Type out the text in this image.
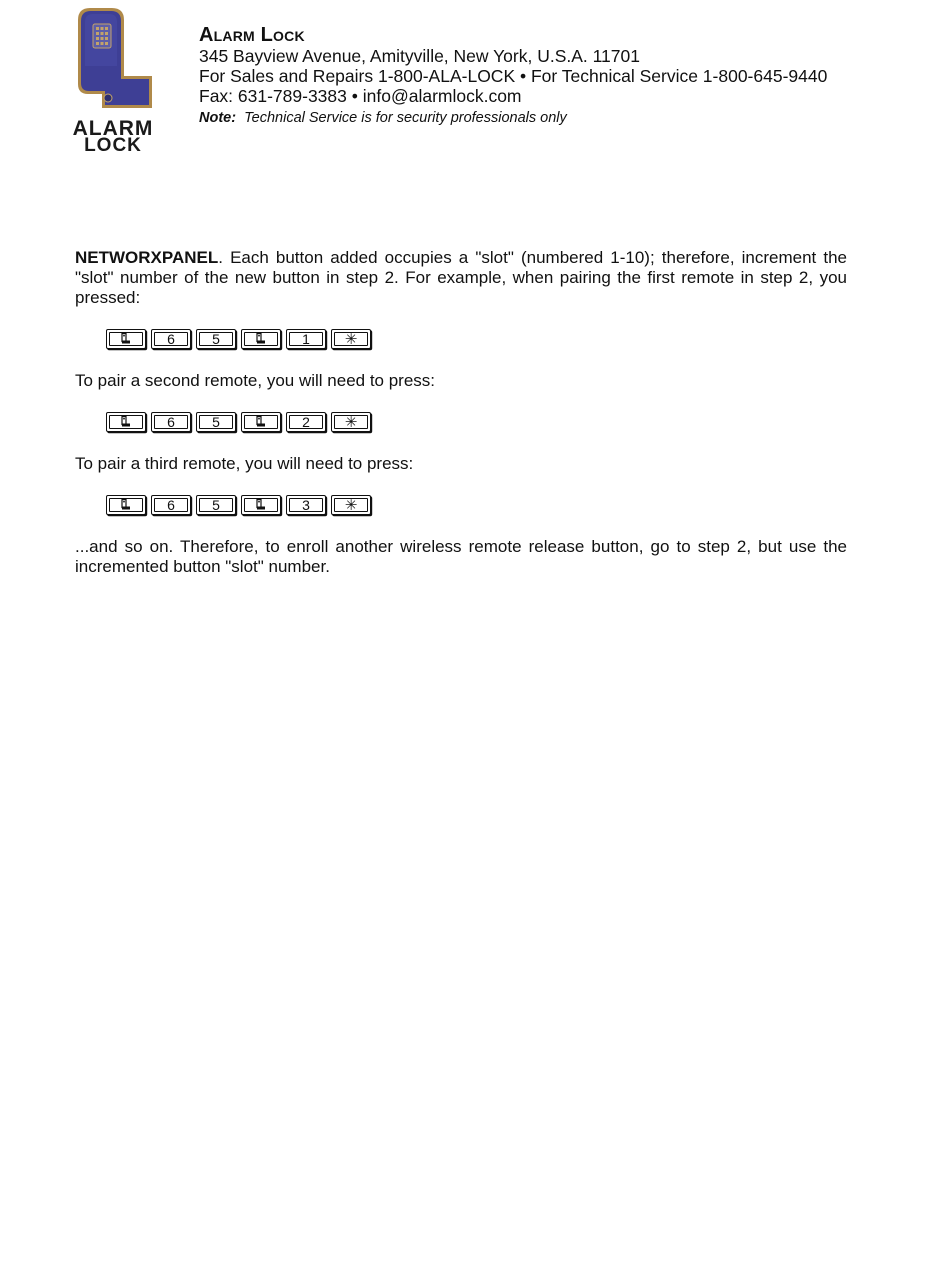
ALARM
LOCK
Alarm Lock
345 Bayview Avenue, Amityville, New York, U.S.A. 11701
For Sales and Repairs 1-800-ALA-LOCK • For Technical Service 1-800-645-9440
Fax: 631-789-3383 • info@alarmlock.com
Note: Technical Service is for security professionals only

NETWORXPANEL. Each button added occupies a "slot" (numbered 1-10); therefore, increment the "slot" number of the new button in step 2. For example, when pairing the first remote in step 2, you pressed:

6	5	1	✳

To pair a second remote, you will need to press:

6	5	2	✳

To pair a third remote, you will need to press:

6	5	3	✳

...and so on. Therefore, to enroll another wireless remote release button, go to step 2, but use the incremented button "slot" number.
